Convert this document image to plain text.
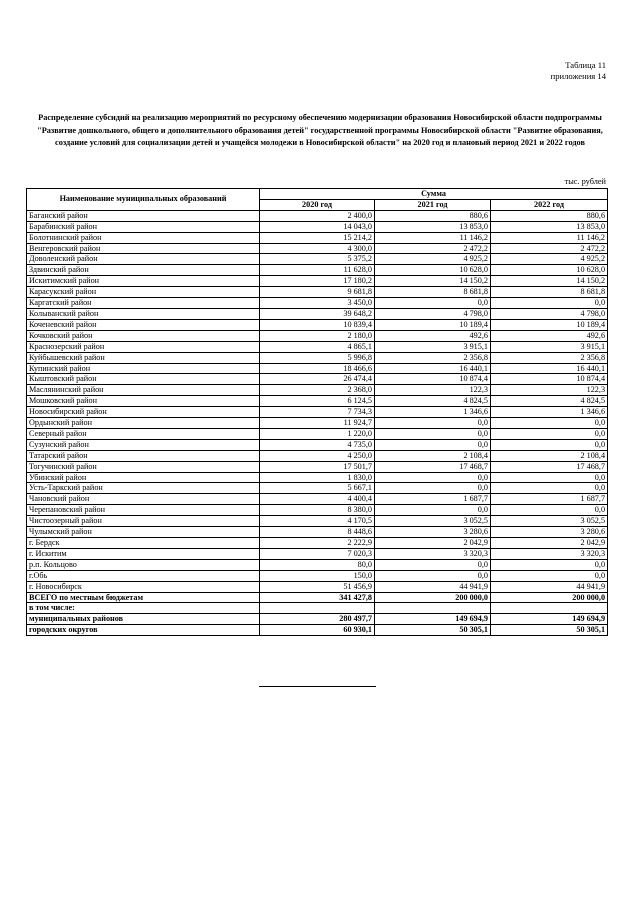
Таблица 11
приложения 14
Распределение субсидий на реализацию мероприятий по ресурсному обеспечению модернизации образования Новосибирской области подпрограммы "Развитие дошкольного, общего и дополнительного образования детей" государственной программы Новосибирской области "Развитие образования, создание условий для социализации детей и учащейся молодежи в Новосибирской области" на 2020 год и плановый период 2021 и 2022 годов
тыс. рублей
Наименование муниципальных образований	Сумма		
	2020 год	2021 год	2022 год
Баганский район	2 400,0	880,6	880,6
Барабинский район	14 043,0	13 853,0	13 853,0
Болотнинский район	15 214,2	11 146,2	11 146,2
Венгеровский район	4 300,0	2 472,2	2 472,2
Доволенский район	5 375,2	4 925,2	4 925,2
Здвинский район	11 628,0	10 628,0	10 628,0
Искитимский район	17 180,2	14 150,2	14 150,2
Карасукский район	9 681,8	8 681,8	8 681,8
Каргатский район	3 450,0	0,0	0,0
Колыванский район	39 648,2	4 798,0	4 798,0
Коченевский район	10 839,4	10 189,4	10 189,4
Кочковский район	2 180,0	492,6	492,6
Краснозерский район	4 865,1	3 915,1	3 915,1
Куйбышевский район	5 996,8	2 356,8	2 356,8
Купинский район	18 466,6	16 440,1	16 440,1
Кыштовский район	26 474,4	10 874,4	10 874,4
Маслянинский район	2 368,0	122,3	122,3
Мошковский район	6 124,5	4 824,5	4 824,5
Новосибирский район	7 734,3	1 346,6	1 346,6
Ордынский район	11 924,7	0,0	0,0
Северный район	1 220,0	0,0	0,0
Сузунский район	4 735,0	0,0	0,0
Татарский район	4 250,0	2 108,4	2 108,4
Тогучинский район	17 501,7	17 468,7	17 468,7
Убинский район	1 830,0	0,0	0,0
Усть-Таркский район	5 667,1	0,0	0,0
Чановский район	4 400,4	1 687,7	1 687,7
Черепановский район	8 380,0	0,0	0,0
Чистоозерный район	4 170,5	3 052,5	3 052,5
Чулымский район	8 448,6	3 280,6	3 280,6
г. Бердск	2 222,9	2 042,9	2 042,9
г. Искитим	7 020,3	3 320,3	3 320,3
р.п. Кольцово	80,0	0,0	0,0
г.Обь	150,0	0,0	0,0
г. Новосибирск	51 456,9	44 941,9	44 941,9
ВСЕГО по местным бюджетам	341 427,8	200 000,0	200 000,0
в том числе:			
муниципальных районов	280 497,7	149 694,9	149 694,9
городских округов	60 930,1	50 305,1	50 305,1
